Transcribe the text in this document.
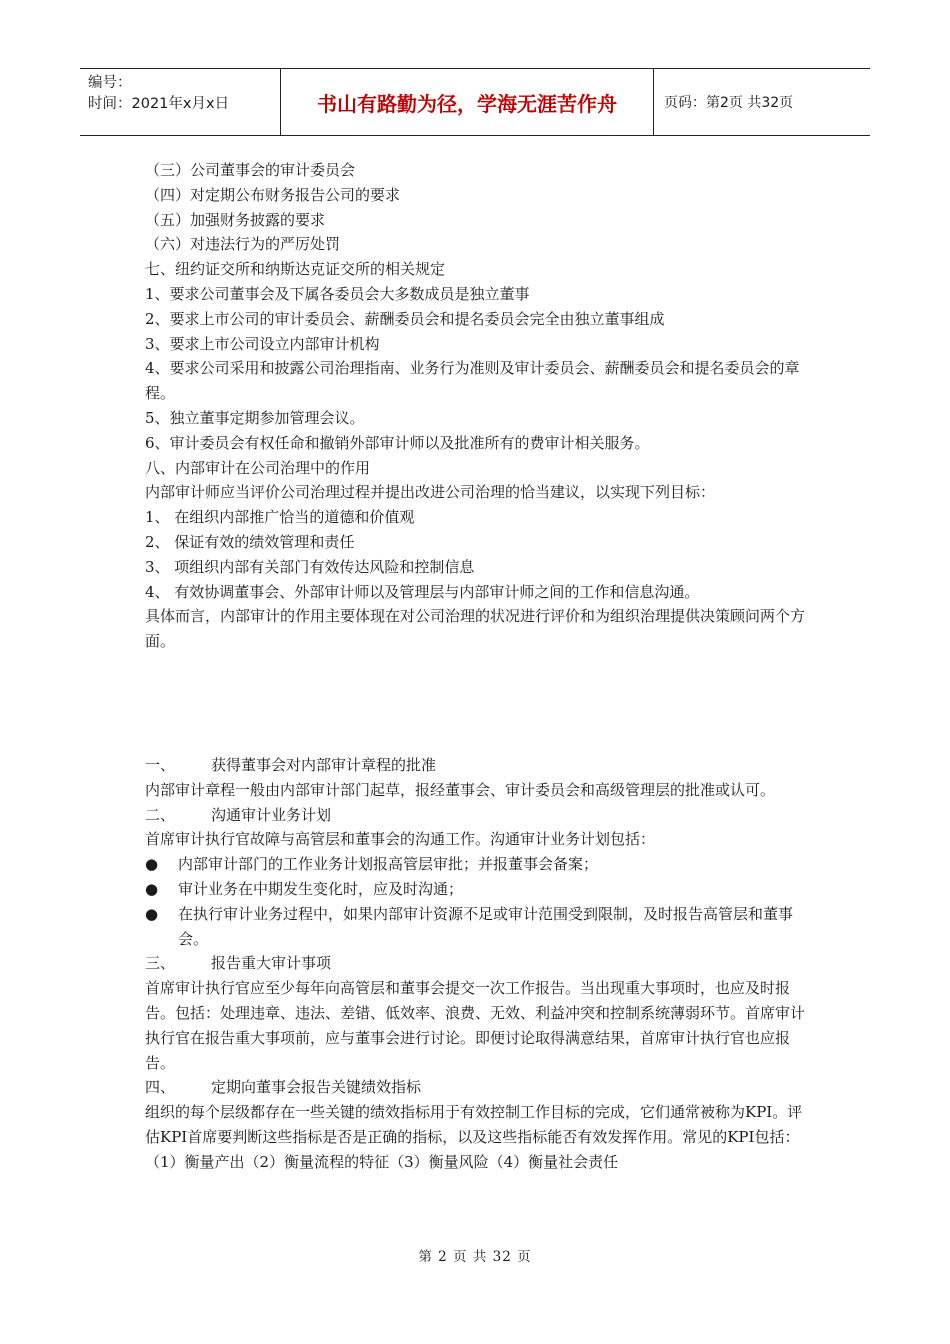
编号：
时间：2021年x月x日	书山有路勤为径，学海无涯苦作舟	页码：第2页 共32页

（三）公司董事会的审计委员会

（四）对定期公布财务报告公司的要求

（五）加强财务披露的要求

（六）对违法行为的严厉处罚

七、纽约证交所和纳斯达克证交所的相关规定

1、要求公司董事会及下属各委员会大多数成员是独立董事

2、要求上市公司的审计委员会、薪酬委员会和提名委员会完全由独立董事组成

3、要求上市公司设立内部审计机构

4、要求公司采用和披露公司治理指南、业务行为准则及审计委员会、薪酬委员会和提名委员会的章程。

5、独立董事定期参加管理会议。

6、审计委员会有权任命和撤销外部审计师以及批准所有的费审计相关服务。

八、内部审计在公司治理中的作用

内部审计师应当评价公司治理过程并提出改进公司治理的恰当建议，以实现下列目标：

1、 在组织内部推广恰当的道德和价值观

2、 保证有效的绩效管理和责任

3、 项组织内部有关部门有效传达风险和控制信息

4、 有效协调董事会、外部审计师以及管理层与内部审计师之间的工作和信息沟通。

具体而言，内部审计的作用主要体现在对公司治理的状况进行评价和为组织治理提供决策顾问两个方面。

一、	获得董事会对内部审计章程的批准

内部审计章程一般由内部审计部门起草，报经董事会、审计委员会和高级管理层的批准或认可。

二、	沟通审计业务计划

首席审计执行官故障与高管层和董事会的沟通工作。沟通审计业务计划包括：

●	内部审计部门的工作业务计划报高管层审批；并报董事会备案；
●	审计业务在中期发生变化时，应及时沟通；
●	在执行审计业务过程中，如果内部审计资源不足或审计范围受到限制，及时报告高管层和董事会。
三、	报告重大审计事项

首席审计执行官应至少每年向高管层和董事会提交一次工作报告。当出现重大事项时，也应及时报告。包括：处理违章、违法、差错、低效率、浪费、无效、利益冲突和控制系统薄弱环节。首席审计执行官在报告重大事项前，应与董事会进行讨论。即便讨论取得满意结果，首席审计执行官也应报告。

四、	定期向董事会报告关键绩效指标

组织的每个层级都存在一些关键的绩效指标用于有效控制工作目标的完成，它们通常被称为KPI。评估KPI首席要判断这些指标是否是正确的指标，以及这些指标能否有效发挥作用。常见的KPI包括：（1）衡量产出（2）衡量流程的特征（3）衡量风险（4）衡量社会责任

第 2 页 共 32 页
